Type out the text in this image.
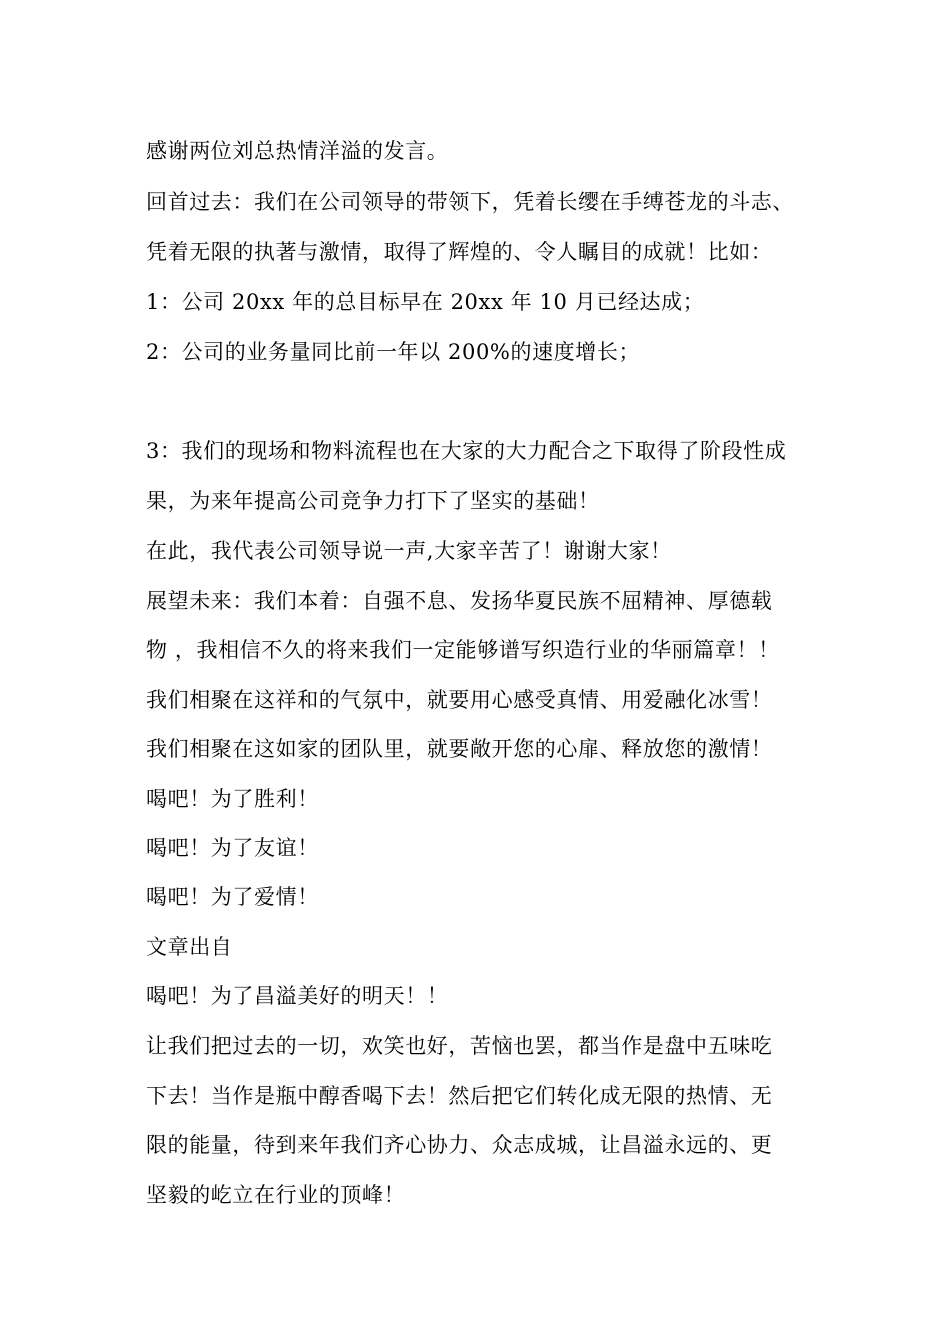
感谢两位刘总热情洋溢的发言。
回首过去：我们在公司领导的带领下，凭着长缨在手缚苍龙的斗志、
凭着无限的执著与激情，取得了辉煌的、令人瞩目的成就！比如：
1：公司 20xx 年的总目标早在 20xx 年 10 月已经达成；
2：公司的业务量同比前一年以 200%的速度增长；
3：我们的现场和物料流程也在大家的大力配合之下取得了阶段性成
果，为来年提高公司竞争力打下了坚实的基础！
在此，我代表公司领导说一声,大家辛苦了！谢谢大家！
展望未来：我们本着：自强不息、发扬华夏民族不屈精神、厚德载
物 ，我相信不久的将来我们一定能够谱写织造行业的华丽篇章！！
我们相聚在这祥和的气氛中，就要用心感受真情、用爱融化冰雪！
我们相聚在这如家的团队里，就要敞开您的心扉、释放您的激情！
喝吧！为了胜利！
喝吧！为了友谊！
喝吧！为了爱情！
文章出自
喝吧！为了昌溢美好的明天！！
让我们把过去的一切，欢笑也好，苦恼也罢，都当作是盘中五味吃
下去！当作是瓶中醇香喝下去！然后把它们转化成无限的热情、无
限的能量，待到来年我们齐心协力、众志成城，让昌溢永远的、更
坚毅的屹立在行业的顶峰！
